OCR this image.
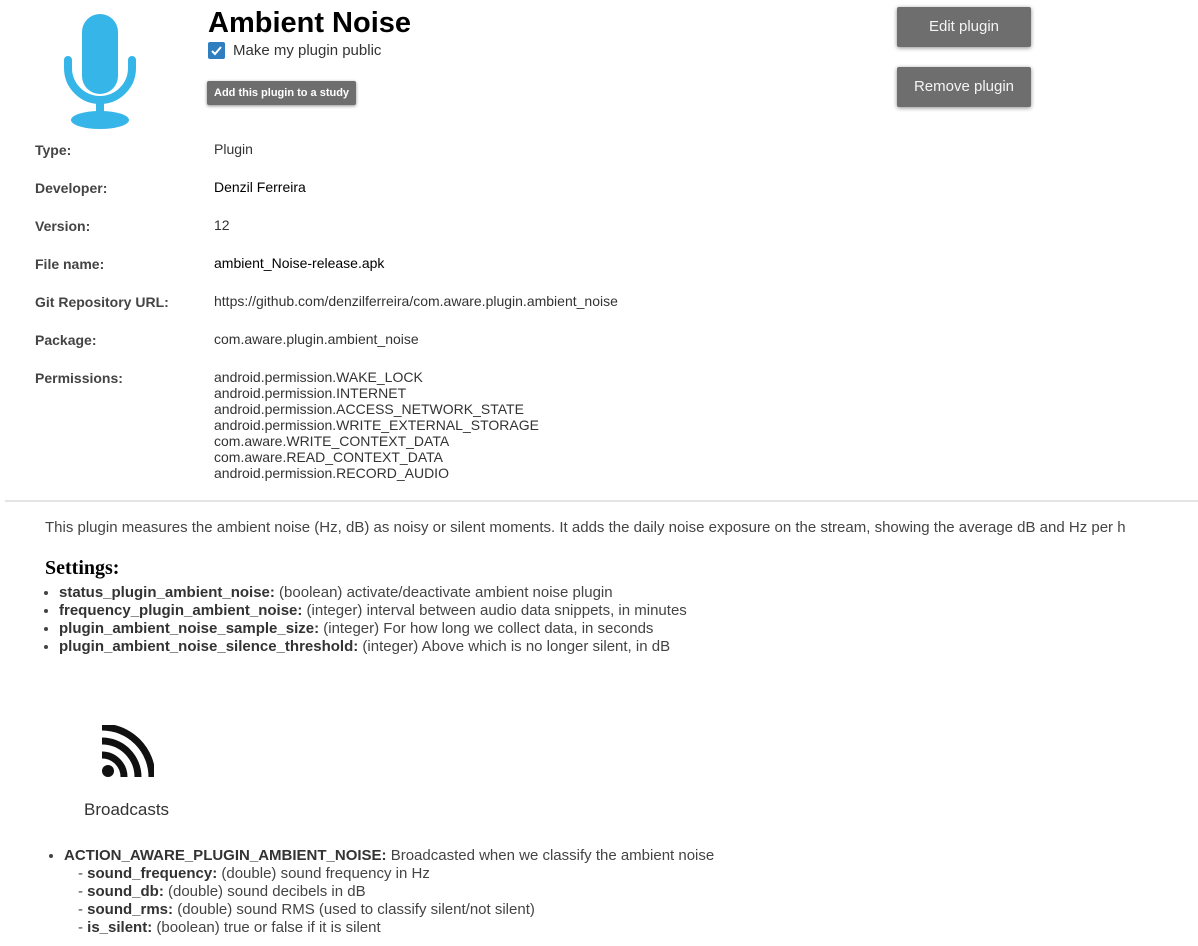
Ambient Noise
Make my plugin public
Add this plugin to a study
Edit plugin
Remove plugin
Type:	Plugin
Developer:	Denzil Ferreira
Version:	12
File name:	ambient_Noise-release.apk
Git Repository URL:	https://github.com/denzilferreira/com.aware.plugin.ambient_noise
Package:	com.aware.plugin.ambient_noise
Permissions:	android.permission.WAKE_LOCK
android.permission.INTERNET
android.permission.ACCESS_NETWORK_STATE
android.permission.WRITE_EXTERNAL_STORAGE
com.aware.WRITE_CONTEXT_DATA
com.aware.READ_CONTEXT_DATA
android.permission.RECORD_AUDIO
This plugin measures the ambient noise (Hz, dB) as noisy or silent moments. It adds the daily noise exposure on the stream, showing the average dB and Hz per h
Settings:
• status_plugin_ambient_noise: (boolean) activate/deactivate ambient noise plugin
• frequency_plugin_ambient_noise: (integer) interval between audio data snippets, in minutes
• plugin_ambient_noise_sample_size: (integer) For how long we collect data, in seconds
• plugin_ambient_noise_silence_threshold: (integer) Above which is no longer silent, in dB
Broadcasts
• ACTION_AWARE_PLUGIN_AMBIENT_NOISE: Broadcasted when we classify the ambient noise
- sound_frequency: (double) sound frequency in Hz
- sound_db: (double) sound decibels in dB
- sound_rms: (double) sound RMS (used to classify silent/not silent)
- is_silent: (boolean) true or false if it is silent
